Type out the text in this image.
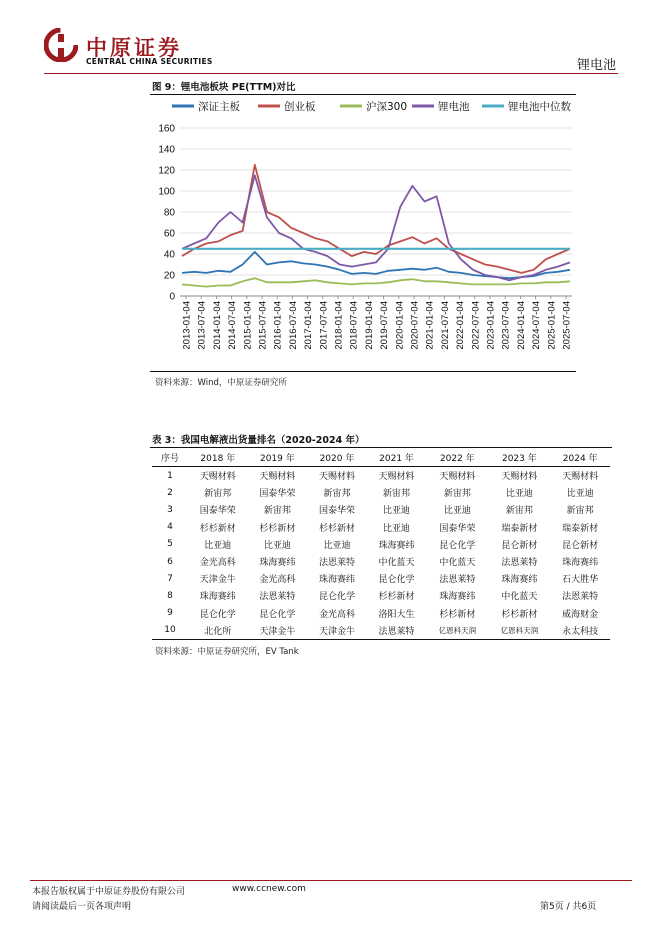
中原证券
CENTRAL CHINA SECURITIES	锂电池
图 9：锂电池板块 PE(TTM)对比
深证主板	创业板	沪深300	锂电池	锂电池中位数
0
20
40
60
80
100
120
140
160
2013-01-04 2013-07-04 2014-01-04 2014-07-04 2015-01-04 2015-07-04 2016-01-04 2016-07-04 2017-01-04 2017-07-04 2018-01-04 2018-07-04 2019-01-04 2019-07-04 2020-01-04 2020-07-04 2021-01-04 2021-07-04 2022-01-04 2022-07-04 2023-01-04 2023-07-04 2024-01-04 2024-07-04 2025-01-04 2025-07-04
资料来源：Wind，中原证券研究所
表 3：我国电解液出货量排名（2020-2024 年）
序号	2018 年	2019 年	2020 年	2021 年	2022 年	2023 年	2024 年
1	天赐材料	天赐材料	天赐材料	天赐材料	天赐材料	天赐材料	天赐材料
2	新宙邦	国泰华荣	新宙邦	新宙邦	新宙邦	比亚迪	比亚迪
3	国泰华荣	新宙邦	国泰华荣	比亚迪	比亚迪	新宙邦	新宙邦
4	杉杉新材	杉杉新材	杉杉新材	比亚迪	国泰华荣	瑞泰新材	瑞泰新材
5	比亚迪	比亚迪	比亚迪	珠海赛纬	昆仑化学	昆仑新材	昆仑新材
6	金光高科	珠海赛纬	法恩莱特	中化蓝天	中化蓝天	法恩莱特	珠海赛纬
7	天津金牛	金光高科	珠海赛纬	昆仑化学	法恩莱特	珠海赛纬	石大胜华
8	珠海赛纬	法恩莱特	昆仑化学	杉杉新材	珠海赛纬	中化蓝天	法恩莱特
9	昆仑化学	昆仑化学	金光高科	洛阳大生	杉杉新材	杉杉新材	威海财金
10	北化所	天津金牛	天津金牛	法恩莱特	亿恩科天润	亿恩科天润	永太科技
资料来源：中原证券研究所，EV Tank
本报告版权属于中原证券股份有限公司	www.ccnew.com
请阅读最后一页各项声明	第5页 / 共6页
